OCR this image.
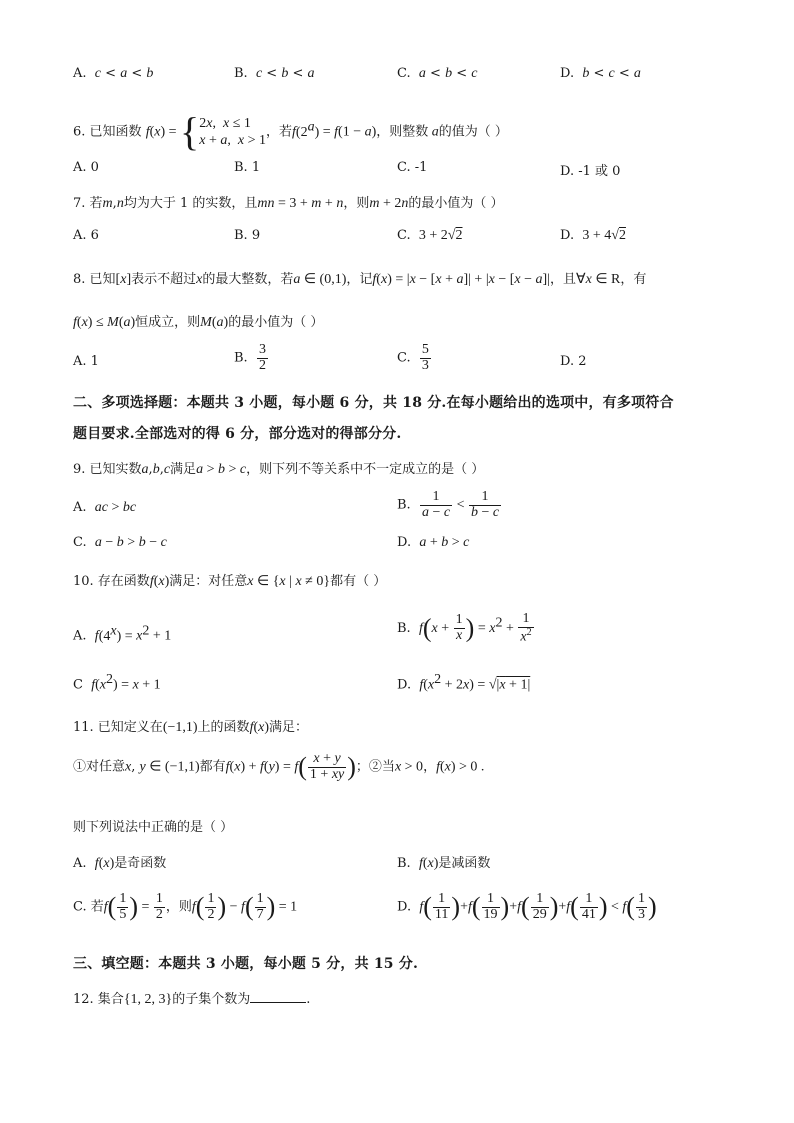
A. c < a < b	B. c < b < a	C. a < b < c	D. b < c < a
6. 已知函数 f(x) = {2x,  x ≤ 1
x + a,  x > 1，若$f(2^a) = f(1 - a)$，则整数 a的值为（ ）
A. 0	B. 1	C. -1	D. -1 或 0
7. 若m,n均为大于 1 的实数，且mn = 3 + m + n，则m + 2n的最小值为（ ）
A. 6	B. 9	C. 3 + 2√2	D. 3 + 4√2
8. 已知[x]表示不超过x的最大整数，若a ∈ (0,1)，记f(x) = |x − [x + a]| + |x − [x − a]|，且∀x ∈ R，有
f(x) ≤ M(a)恒成立，则M(a)的最小值为（ ）
A. 1	B. $\frac{3}{2}$	C. $\frac{5}{3}$	D. 2
二、多项选择题：本题共 3 小题，每小题 6 分，共 18 分.在每小题给出的选项中，有多项符合
题目要求.全部选对的得 6 分，部分选对的得部分分.
9. 已知实数a,b,c满足a > b > c，则下列不等关系中不一定成立的是（ ）
A. ac > bc	B. $\frac{1}{a - c} < \frac{1}{b - c}$
C. a − b > b − c	D. a + b > c
10. 存在函数f(x)满足：对任意x ∈ {x | x ≠ 0}都有（ ）
A. $f(4^x) = x^2 + 1$
B. $f(x + \frac{1}{x}$ ) = $x^2 + \frac{1}{x^2}$
C $f(x^2) = x + 1$	D. $f(x^2 + 2x) = √|x + 1|$
11. 已知定义在(−1,1)上的函数f(x)满足：
①对任意x, y ∈ (−1,1)都有$f(x) + f(y) = f( \frac{x + y}{1 + xy}$ )；②当x > 0，f(x) > 0 .
则下列说法中正确的是（ ）
A. f(x)是奇函数	B. f(x)是减函数
C. 若$f( \frac{1}{5}$ ) = $\frac{1}{2}$ ，则$f( \frac{1}{2}$ ) − $f( \frac{1}{7}$ ) = 1	D. $f( \frac{1}{11} )+f( \frac{1}{19} )+f( \frac{1}{29} )+f( \frac{1}{41}$ ) < $f( \frac{1}{3}$ )
三、填空题：本题共 3 小题，每小题 5 分，共 15 分.
12. 集合{1, 2, 3}的子集个数为	.
